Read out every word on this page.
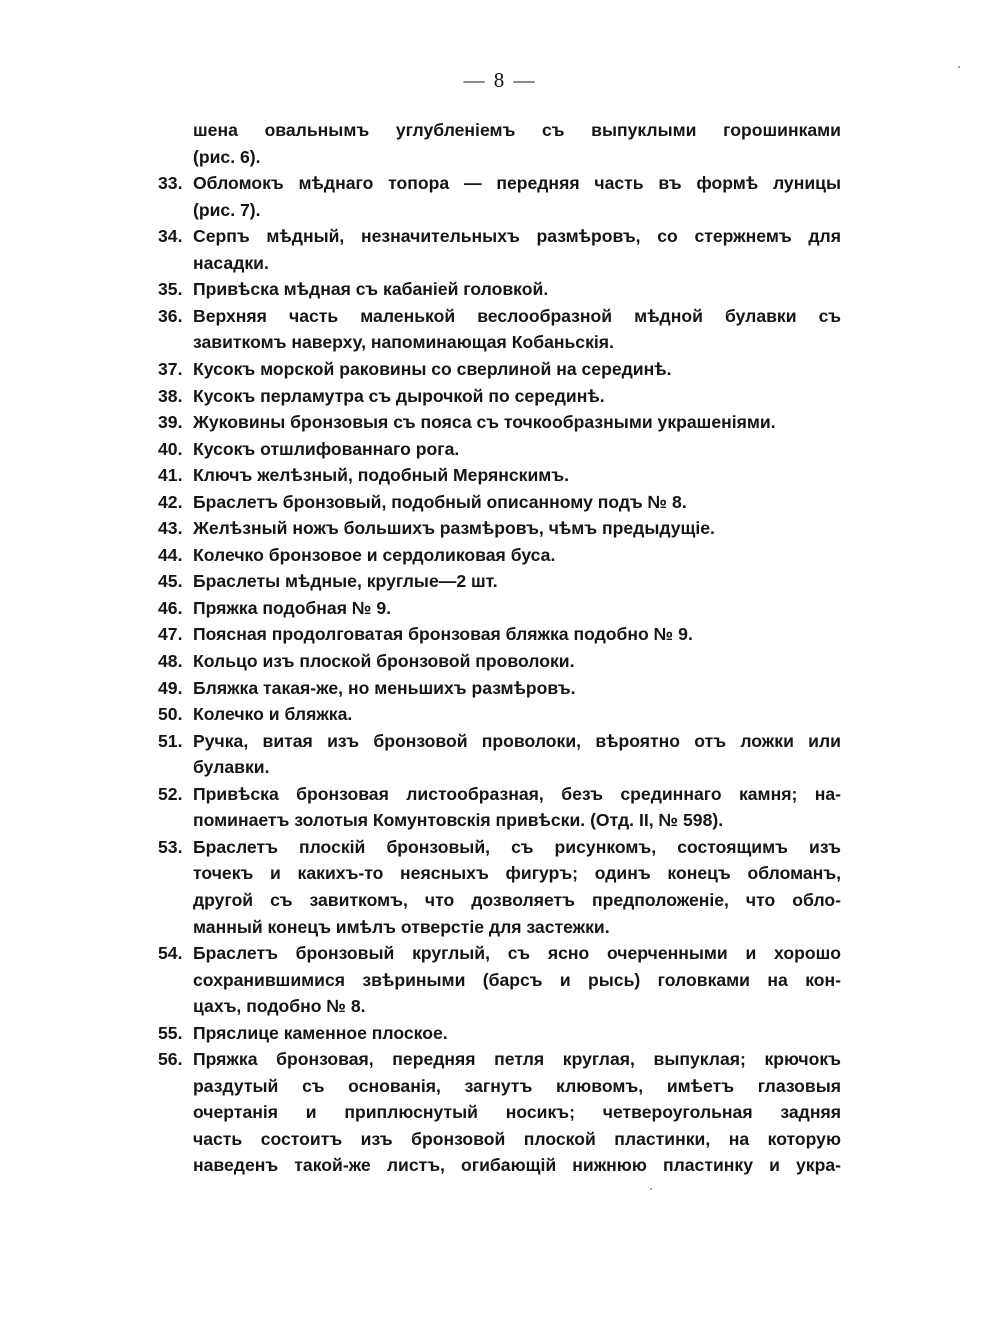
— 8 —
шена овальнымъ углубленіемъ съ выпуклыми горошинками
(рис. 6).
33. Обломокъ мѣднаго топора — передняя часть въ формѣ луницы
(рис. 7).
34. Серпъ мѣдный, незначительныхъ размѣровъ, со стержнемъ для
насадки.
35. Привѣска мѣдная съ кабаніей головкой.
36. Верхняя часть маленькой веслообразной мѣдной булавки съ
завиткомъ наверху, напоминающая Кобаньскія.
37. Кусокъ морской раковины со сверлиной на серединѣ.
38. Кусокъ перламутра съ дырочкой по серединѣ.
39. Жуковины бронзовыя съ пояса съ точкообразными украшеніями.
40. Кусокъ отшлифованнаго рога.
41. Ключъ желѣзный, подобный Мерянскимъ.
42. Браслетъ бронзовый, подобный описанному подъ № 8.
43. Желѣзный ножъ большихъ размѣровъ, чѣмъ предыдущіе.
44. Колечко бронзовое и сердоликовая буса.
45. Браслеты мѣдные, круглые—2 шт.
46. Пряжка подобная № 9.
47. Поясная продолговатая бронзовая бляжка подобно № 9.
48. Кольцо изъ плоской бронзовой проволоки.
49. Бляжка такая-же, но меньшихъ размѣровъ.
50. Колечко и бляжка.
51. Ручка, витая изъ бронзовой проволоки, вѣроятно отъ ложки или
булавки.
52. Привѣска бронзовая листообразная, безъ срединнаго камня; на-
поминаетъ золотыя Комунтовскія привѣски. (Отд. II, № 598).
53. Браслетъ плоскій бронзовый, съ рисункомъ, состоящимъ изъ
точекъ и какихъ-то неясныхъ фигуръ; одинъ конецъ обломанъ,
другой съ завиткомъ, что дозволяетъ предположеніе, что обло-
манный конецъ имѣлъ отверстіе для застежки.
54. Браслетъ бронзовый круглый, съ ясно очерченными и хорошо
сохранившимися звѣриными (барсъ и рысь) головками на кон-
цахъ, подобно № 8.
55. Пряслице каменное плоское.
56. Пряжка бронзовая, передняя петля круглая, выпуклая; крючокъ
раздутый съ основанія, загнутъ клювомъ, имѣетъ глазовыя
очертанія и приплюснутый носикъ; четвероугольная задняя
часть состоитъ изъ бронзовой плоской пластинки, на которую
наведенъ такой-же листъ, огибающій нижнюю пластинку и укра-
